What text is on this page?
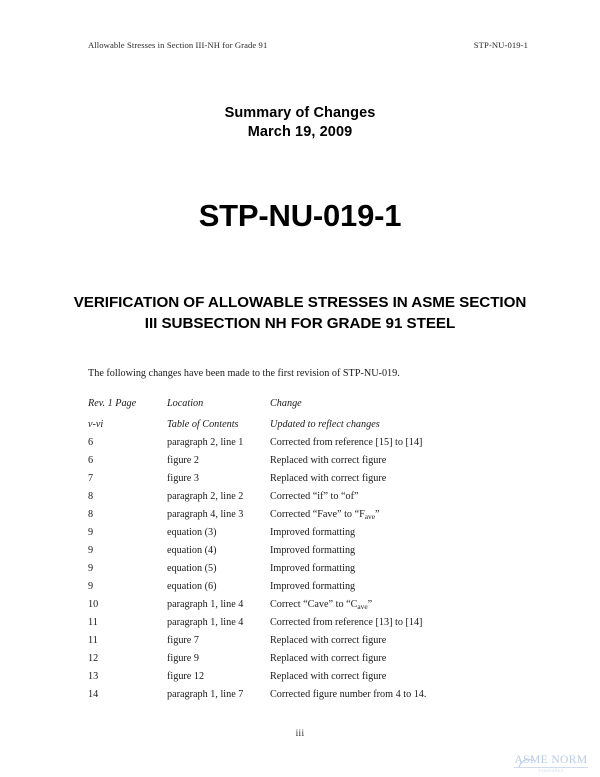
Allowable Stresses in Section III-NH for Grade 91	STP-NU-019-1
Summary of Changes
March 19, 2009
STP-NU-019-1
VERIFICATION OF ALLOWABLE STRESSES IN ASME SECTION
III SUBSECTION NH FOR GRADE 91 STEEL

The following changes have been made to the first revision of STP-NU-019.

Rev. 1 Page	Location	Change
v-vi	Table of Contents	Updated to reflect changes
6	paragraph 2, line 1	Corrected from reference [15] to [14]
6	figure 2	Replaced with correct figure
7	figure 3	Replaced with correct figure
8	paragraph 2, line 2	Corrected “if” to “of”
8	paragraph 4, line 3	Corrected “Fave” to “$F_{ave}$”
9	equation (3)	Improved formatting
9	equation (4)	Improved formatting
9	equation (5)	Improved formatting
9	equation (6)	Improved formatting
10	paragraph 1, line 4	Correct “Cave” to “$C_{ave}$”
11	paragraph 1, line 4	Corrected from reference [13] to [14]
11	figure 7	Replaced with correct figure
12	figure 9	Replaced with correct figure
13	figure 12	Replaced with correct figure
14	paragraph 1, line 7	Corrected figure number from 4 to 14.
iii
ASME NORM
STANDARDS
